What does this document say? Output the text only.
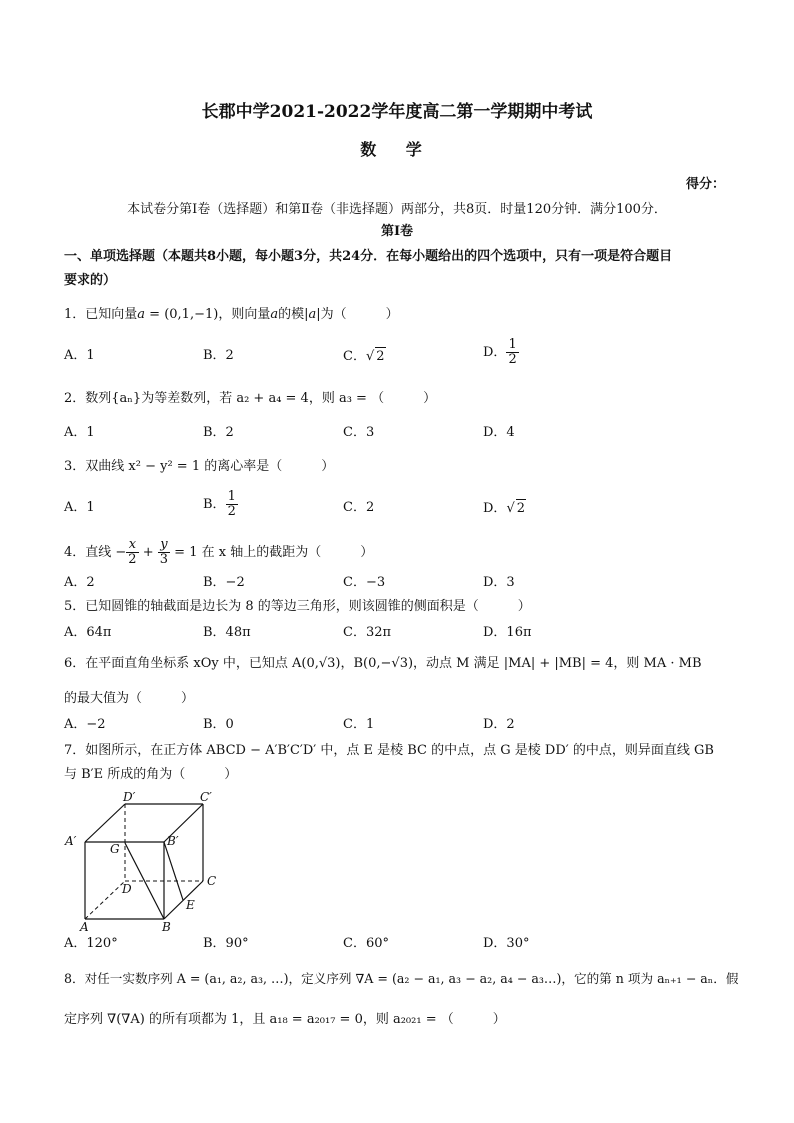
长郡中学2021-2022学年度高二第一学期期中考试
数 学
得分：
本试卷分第Ⅰ卷（选择题）和第Ⅱ卷（非选择题）两部分，共8页．时量120分钟．满分100分．
第Ⅰ卷
一、单项选择题（本题共8小题，每小题3分，共24分．在每小题给出的四个选项中，只有一项是符合题目
要求的）
1．已知向量a = (0,1,−1)，则向量a的模|a|为（　　　）
A．1	B．2	C．√ 2	D． $\frac{1}{2}$
2．数列{aₙ}为等差数列，若 a₂ + a₄ = 4，则 a₃ = （　　　）
A．1	B．2	C．3	D．4
3．双曲线 x² − y² = 1 的离心率是（　　　）
A．1	B． $\frac{1}{2}$	C．2	D．√ 2
4．直线 − $\frac{x}{2} + \frac{y}{3} = 1$ 在 x 轴上的截距为（　　　）
A．2	B．−2	C．−3	D．3
5．已知圆锥的轴截面是边长为 8 的等边三角形，则该圆锥的侧面积是（　　　）
A．64π	B．48π	C．32π	D．16π
6．在平面直角坐标系 xOy 中，已知点 A(0,√3)，B(0,−√3)，动点 M 满足 |MA| + |MB| = 4，则 MA · MB
的最大值为（　　　）
A．−2	B．0	C．1	D．2
7．如图所示，在正方体 ABCD − A′B′C′D′ 中，点 E 是棱 BC 的中点，点 G 是棱 DD′ 的中点，则异面直线 GB
与 B′E 所成的角为（　　　）
D′	C′
A′	B′
G
D
C
A	B
E
A．120°	B．90°	C．60°	D．30°
8．对任一实数序列 A = (a₁, a₂, a₃, …)，定义序列 ∇A = (a₂ − a₁, a₃ − a₂, a₄ − a₃…)，它的第 n 项为 aₙ₊₁ − aₙ．假
定序列 ∇(∇A) 的所有项都为 1，且 a₁₈ = a₂₀₁₇ = 0，则 a₂₀₂₁ = （　　　）
